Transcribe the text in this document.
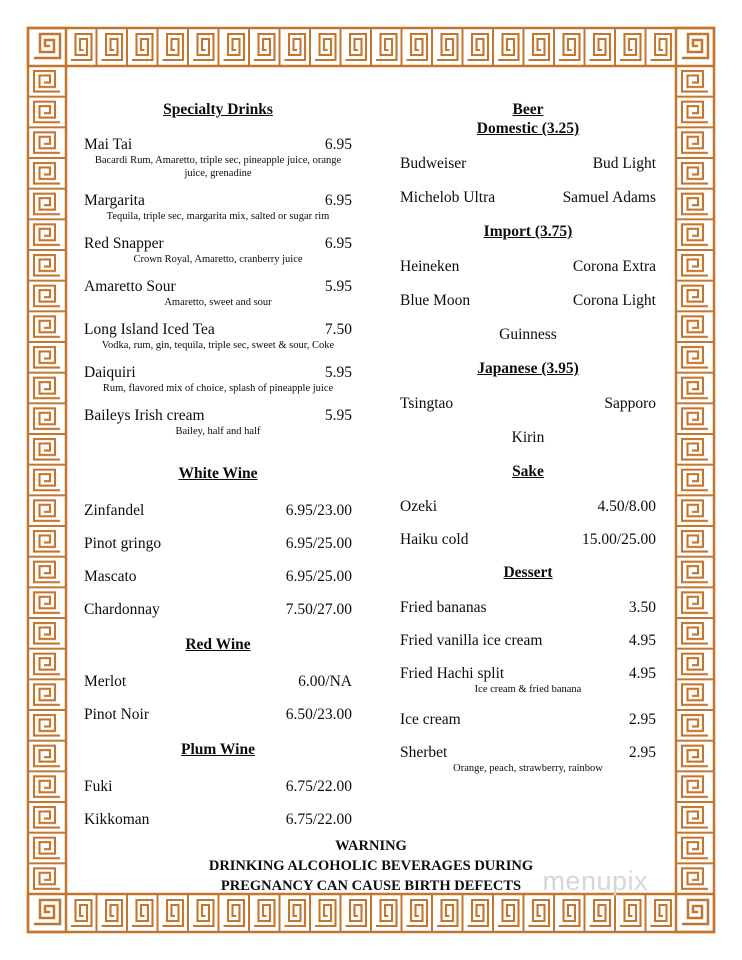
Specialty Drinks
Mai Tai	6.95
Bacardi Rum, Amaretto, triple sec, pineapple juice, orange juice, grenadine
Margarita	6.95
Tequila, triple sec, margarita mix, salted or sugar rim
Red Snapper	6.95
Crown Royal, Amaretto, cranberry juice
Amaretto Sour	5.95
Amaretto, sweet and sour
Long Island Iced Tea	7.50
Vodka, rum, gin, tequila, triple sec, sweet & sour, Coke
Daiquiri	5.95
Rum, flavored mix of choice, splash of pineapple juice
Baileys Irish cream	5.95
Bailey, half and half
White Wine
Zinfandel	6.95/23.00
Pinot gringo	6.95/25.00
Mascato	6.95/25.00
Chardonnay	7.50/27.00
Red Wine
Merlot	6.00/NA
Pinot Noir	6.50/23.00
Plum Wine
Fuki	6.75/22.00
Kikkoman	6.75/22.00
Beer
Domestic (3.25)
Budweiser	Bud Light
Michelob Ultra	Samuel Adams
Import (3.75)
Heineken	Corona Extra
Blue Moon	Corona Light
Guinness
Japanese (3.95)
Tsingtao	Sapporo
Kirin
Sake
Ozeki	4.50/8.00
Haiku cold	15.00/25.00
Dessert
Fried bananas	3.50
Fried vanilla ice cream	4.95
Fried Hachi split	4.95
Ice cream & fried banana
Ice cream	2.95
Sherbet	2.95
Orange, peach, strawberry, rainbow
WARNING
DRINKING ALCOHOLIC BEVERAGES DURING
PREGNANCY CAN CAUSE BIRTH DEFECTS menupix
